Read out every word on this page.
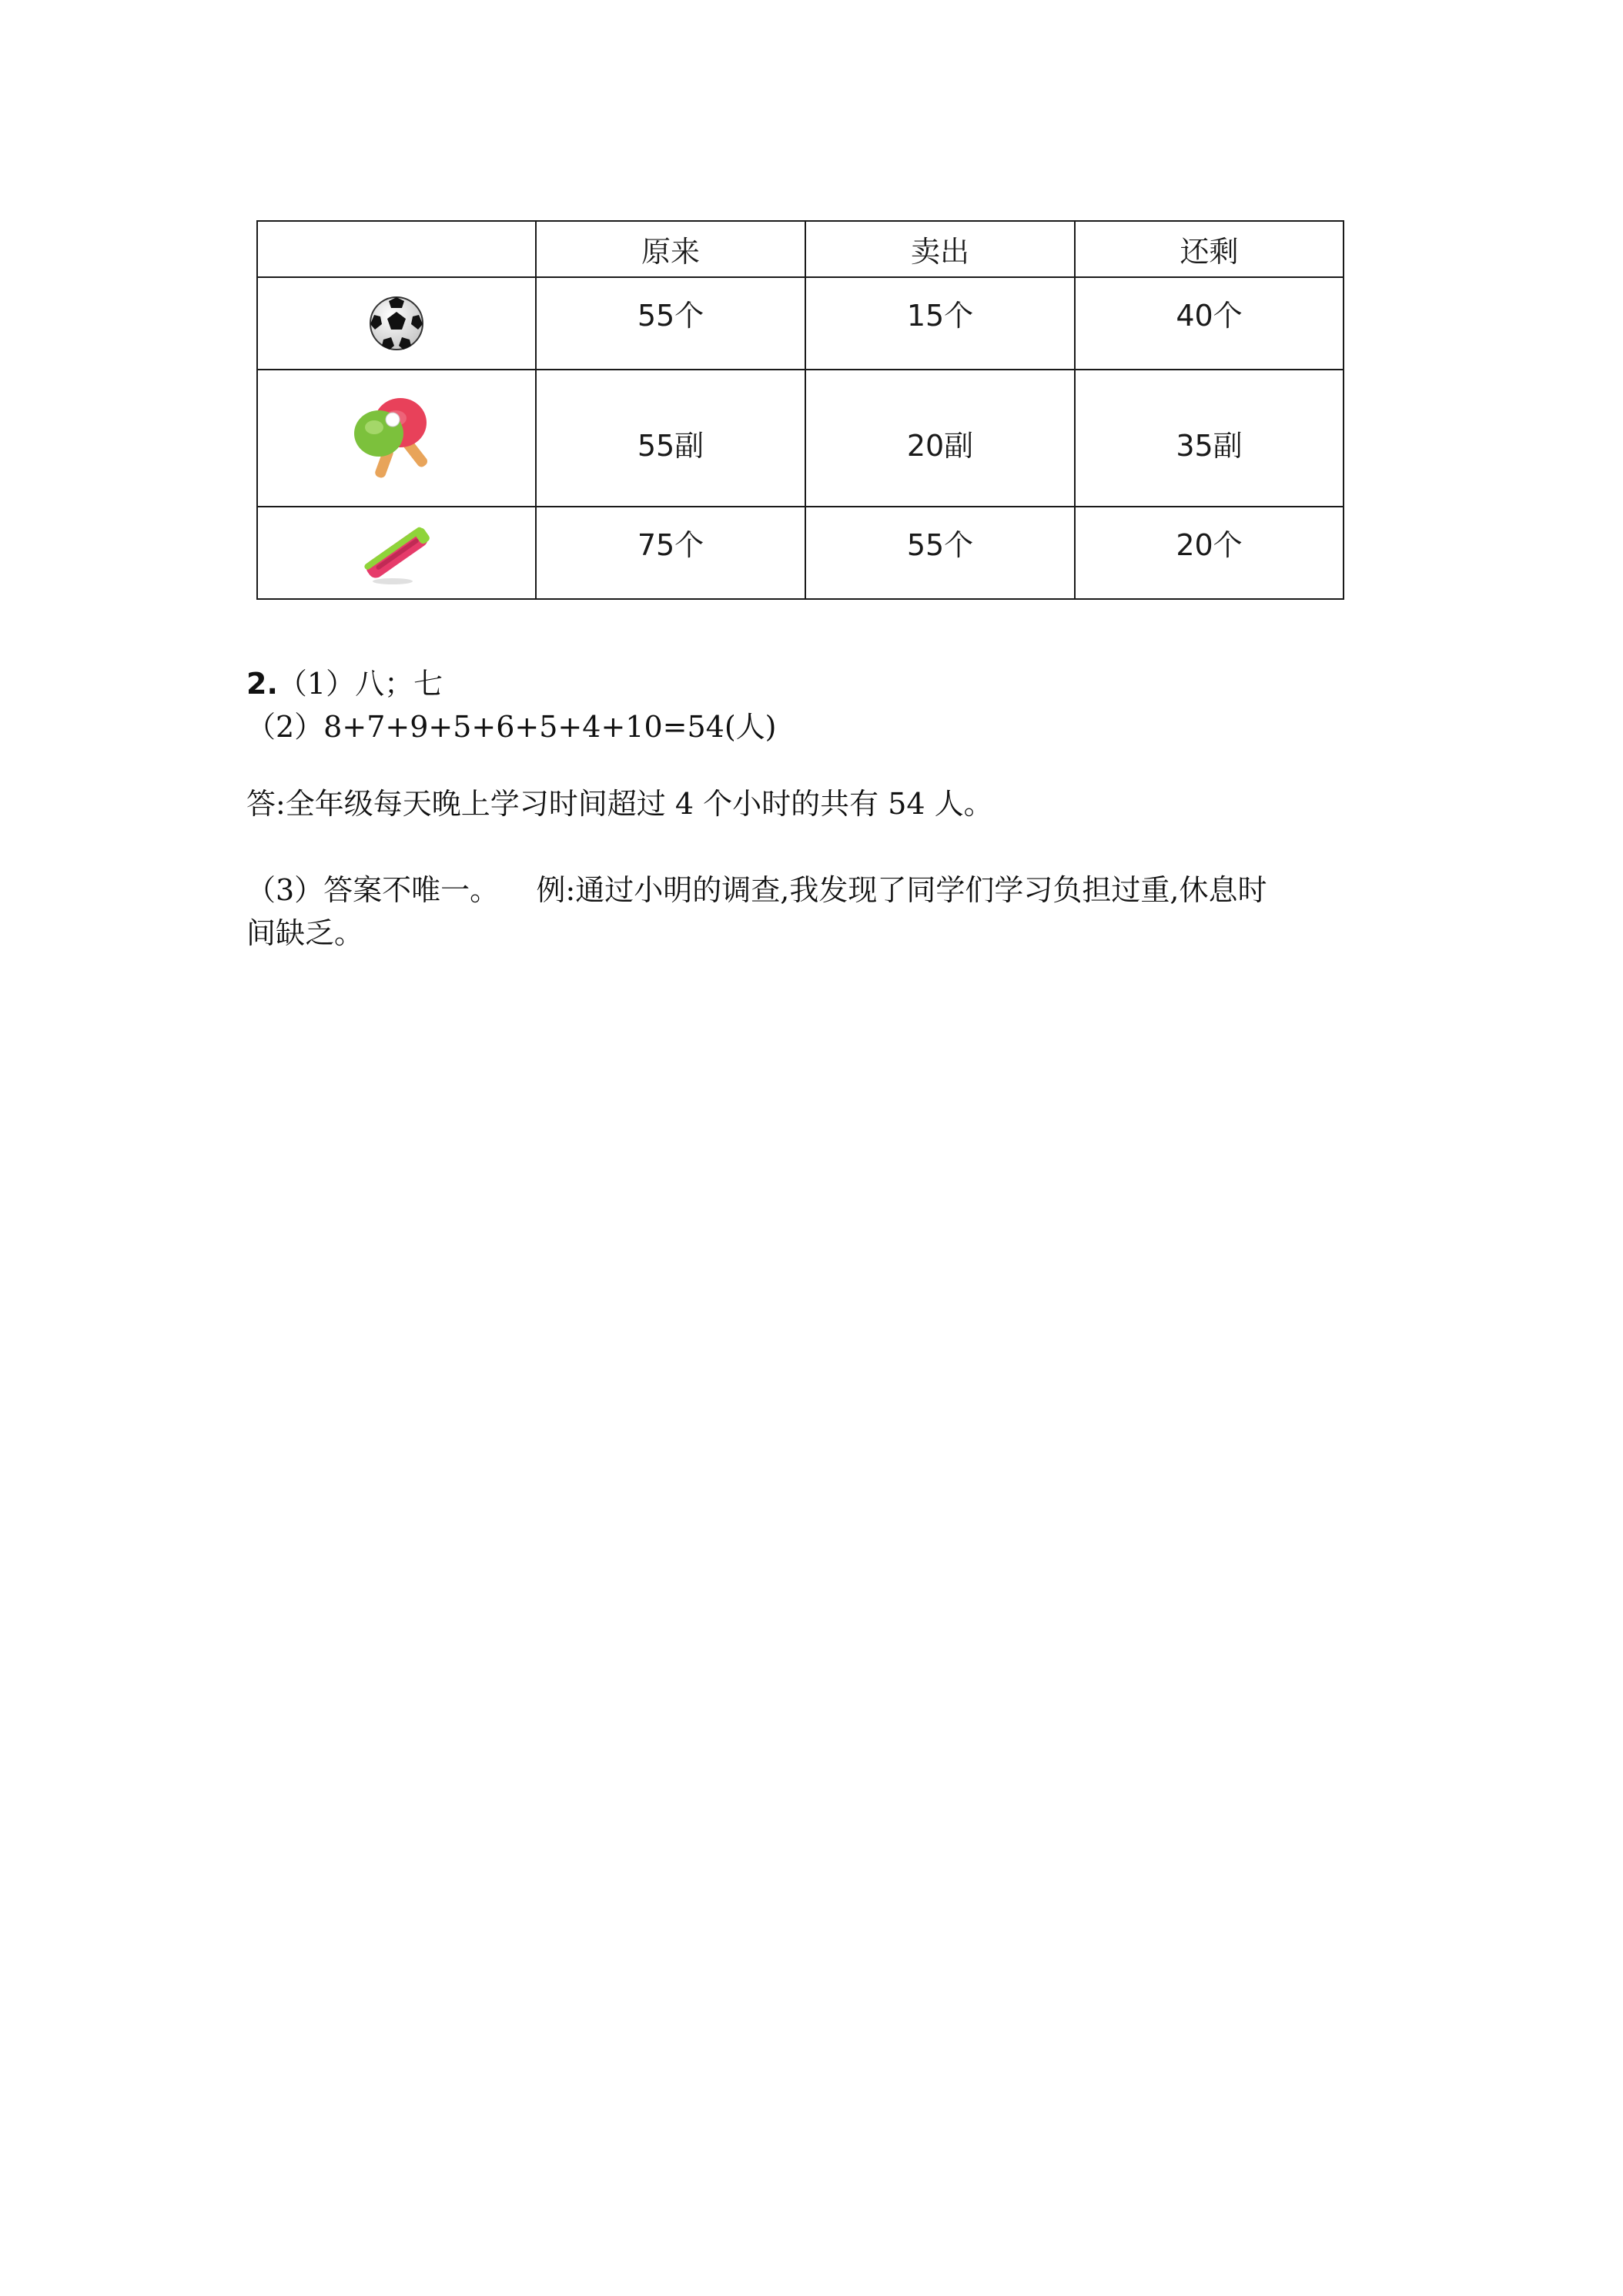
	原来	卖出	还剩

	55个	15个	40个

	55副	20副	35副

	75个	55个	20个

2.（1）八；七

（2）8+7+9+5+6+5+4+10=54(人)

答:全年级每天晚上学习时间超过 4 个小时的共有 54 人。

（3）答案不唯一。    例:通过小明的调查,我发现了同学们学习负担过重,休息时

间缺乏。
